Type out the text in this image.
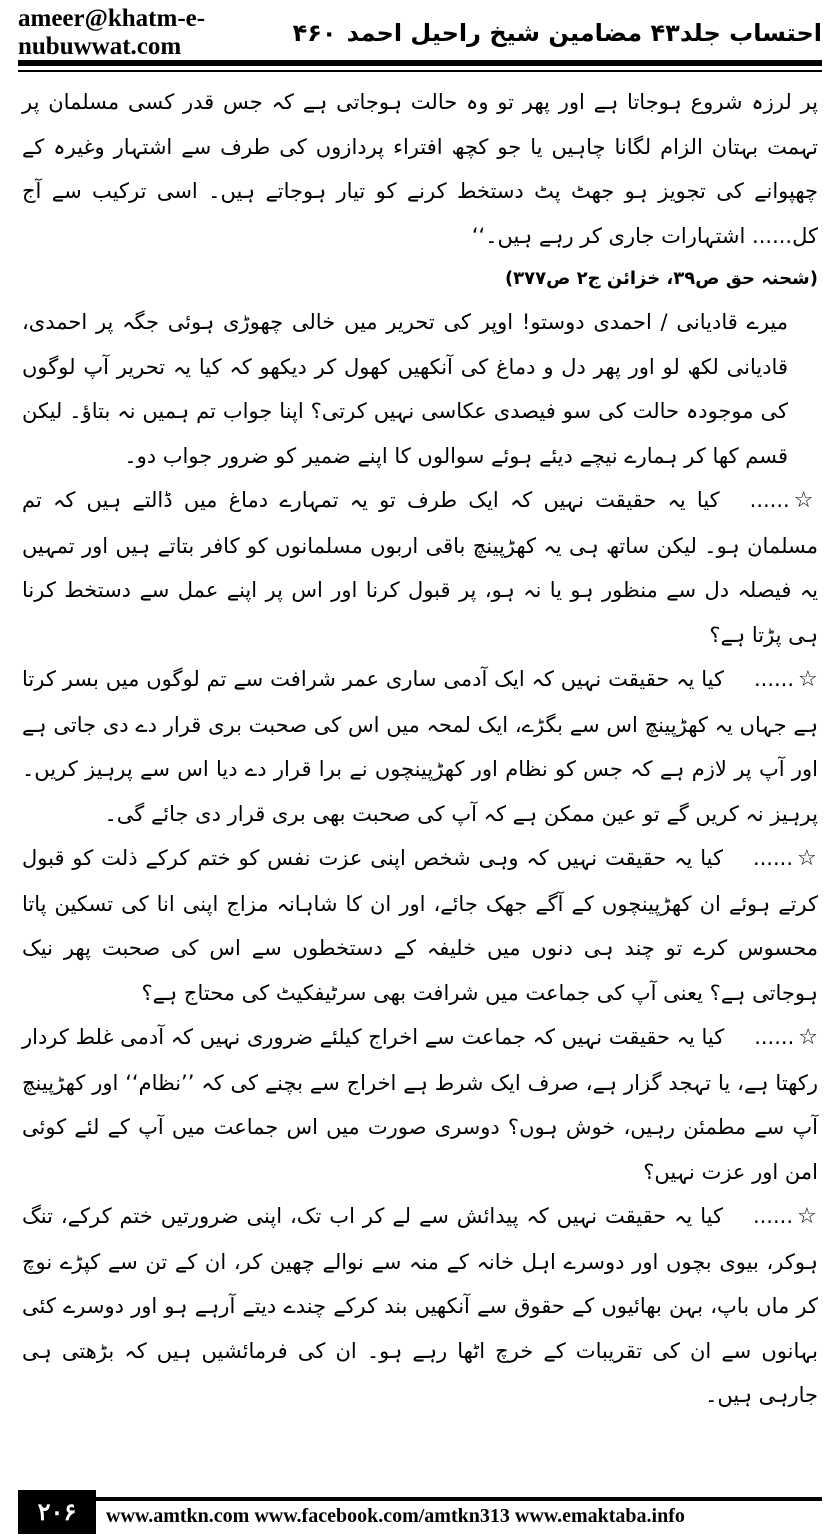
ameer@khatm-e-nubuwwat.com	احتساب جلد۴۳ مضامین شیخ راحیل احمد۴۶۰

پر لرزہ شروع ہوجاتا ہے اور پھر تو وہ حالت ہوجاتی ہے کہ جس قدر کسی مسلمان پر تہمت بہتان الزام لگانا چاہیں یا جو کچھ افتراء پردازوں کی طرف سے اشتہار وغیرہ کے چھپوانے کی تجویز ہو جھٹ پٹ دستخط کرنے کو تیار ہوجاتے ہیں۔ اسی ترکیب سے آج کل...... اشتہارات جاری کر رہے ہیں۔‘‘

(شحنہ حق ص۳۹، خزائن ج۲ ص۳۷۷)

میرے قادیانی / احمدی دوستو! اوپر کی تحریر میں خالی چھوڑی ہوئی جگہ پر احمدی، قادیانی لکھ لو اور پھر دل و دماغ کی آنکھیں کھول کر دیکھو کہ کیا یہ تحریر آپ لوگوں کی موجودہ حالت کی سو فیصدی عکاسی نہیں کرتی؟ اپنا جواب تم ہمیں نہ بتاؤ۔ لیکن قسم کھا کر ہمارے نیچے دیئے ہوئے سوالوں کا اپنے ضمیر کو ضرور جواب دو۔

☆......کیا یہ حقیقت نہیں کہ ایک طرف تو یہ تمہارے دماغ میں ڈالتے ہیں کہ تم مسلمان ہو۔ لیکن ساتھ ہی یہ کھڑپینچ باقی اربوں مسلمانوں کو کافر بتاتے ہیں اور تمہیں یہ فیصلہ دل سے منظور ہو یا نہ ہو، پر قبول کرنا اور اس پر اپنے عمل سے دستخط کرنا ہی پڑتا ہے؟

☆......کیا یہ حقیقت نہیں کہ ایک آدمی ساری عمر شرافت سے تم لوگوں میں بسر کرتا ہے جہاں یہ کھڑپینچ اس سے بگڑے، ایک لمحہ میں اس کی صحبت بری قرار دے دی جاتی ہے اور آپ پر لازم ہے کہ جس کو نظام اور کھڑپینچوں نے برا قرار دے دیا اس سے پرہیز کریں۔ پرہیز نہ کریں گے تو عین ممکن ہے کہ آپ کی صحبت بھی بری قرار دی جائے گی۔

☆......کیا یہ حقیقت نہیں کہ وہی شخص اپنی عزت نفس کو ختم کرکے ذلت کو قبول کرتے ہوئے ان کھڑپینچوں کے آگے جھک جائے، اور ان کا شاہانہ مزاج اپنی انا کی تسکین پاتا محسوس کرے تو چند ہی دنوں میں خلیفہ کے دستخطوں سے اس کی صحبت پھر نیک ہوجاتی ہے؟ یعنی آپ کی جماعت میں شرافت بھی سرٹیفکیٹ کی محتاج ہے؟

☆......کیا یہ حقیقت نہیں کہ جماعت سے اخراج کیلئے ضروری نہیں کہ آدمی غلط کردار رکھتا ہے، یا تہجد گزار ہے، صرف ایک شرط ہے اخراج سے بچنے کی کہ ’’نظام‘‘ اور کھڑپینچ آپ سے مطمئن رہیں، خوش ہوں؟ دوسری صورت میں اس جماعت میں آپ کے لئے کوئی امن اور عزت نہیں؟

☆......کیا یہ حقیقت نہیں کہ پیدائش سے لے کر اب تک، اپنی ضرورتیں ختم کرکے، تنگ ہوکر، بیوی بچوں اور دوسرے اہل خانہ کے منہ سے نوالے چھین کر، ان کے تن سے کپڑے نوچ کر ماں باپ، بہن بھائیوں کے حقوق سے آنکھیں بند کرکے چندے دیتے آرہے ہو اور دوسرے کئی بہانوں سے ان کی تقریبات کے خرچ اٹھا رہے ہو۔ ان کی فرمائشیں ہیں کہ بڑھتی ہی جارہی ہیں۔

۲۰۶	www.amtkn.com www.facebook.com/amtkn313 www.emaktaba.info
